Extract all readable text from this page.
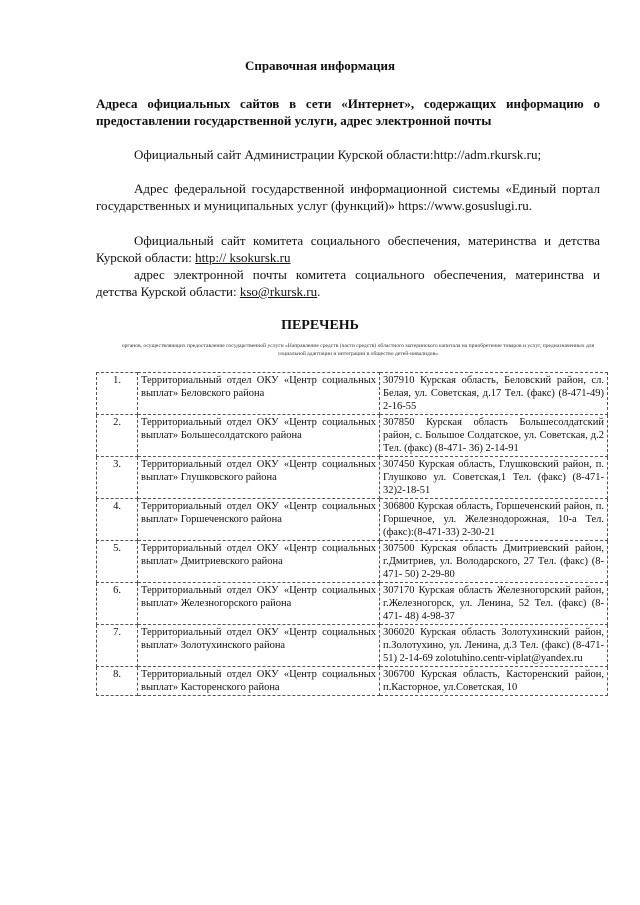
Справочная информация
Адреса официальных сайтов в сети «Интернет», содержащих информацию о предоставлении государственной услуги, адрес электронной почты
Официальный сайт Администрации Курской области:http://adm.rkursk.ru;
Адрес федеральной государственной информационной системы «Единый портал государственных и муниципальных услуг (функций)» https://www.gosuslugi.ru.
Официальный сайт комитета социального обеспечения, материнства и детства Курской области: http:// ksokursk.ru
адрес электронной почты комитета социального обеспечения, материнства и детства Курской области: kso@rkursk.ru.
ПЕРЕЧЕНЬ
органов, осуществляющих предоставление государственной услуги «Направление средств (части средств) областного материнского капитала на приобретение товаров и услуг, предназначенных для социальной адаптации и интеграции в общество детей-инвалидов»
1.	Территориальный отдел ОКУ «Центр социальных выплат» Беловского района	307910 Курская область, Беловский район, сл. Белая, ул. Советская, д.17 Тел. (факс) (8-471-49) 2-16-55
2.	Территориальный отдел ОКУ «Центр социальных выплат» Большесолдатского района	307850 Курская область Большесолдатский район, с. Большое Солдатское, ул. Советская, д.2 Тел. (факс) (8-471- 36) 2-14-91
3.	Территориальный отдел ОКУ «Центр социальных выплат» Глушковского района	307450 Курская область, Глушковский район, п. Глушково ул. Советская,1 Тел. (факс) (8-471-32)2-18-51
4.	Территориальный отдел ОКУ «Центр социальных выплат» Горшеченского района	306800 Курская область, Горшеченский район, п. Горшечное, ул. Железнодорожная, 10-а Тел. (факс):(8-471-33) 2-30-21
5.	Территориальный отдел ОКУ «Центр социальных выплат» Дмитриевского района	307500 Курская область Дмитриевский район, г.Дмитриев, ул. Володарского, 27 Тел. (факс) (8-471- 50) 2-29-80
6.	Территориальный отдел ОКУ «Центр социальных выплат» Железногорского района	307170 Курская область Железногорский район, г.Железногорск, ул. Ленина, 52 Тел. (факс) (8-471- 48) 4-98-37
7.	Территориальный отдел ОКУ «Центр социальных выплат» Золотухинского района	306020 Курская область Золотухинский район, п.Золотухино, ул. Ленина, д.3 Тел. (факс) (8-471- 51) 2-14-69 zolotuhino.centr-viplat@yandex.ru
8.	Территориальный отдел ОКУ «Центр социальных выплат» Касторенского района	306700 Курская область, Касторенский район, п.Касторное, ул.Советская, 10
